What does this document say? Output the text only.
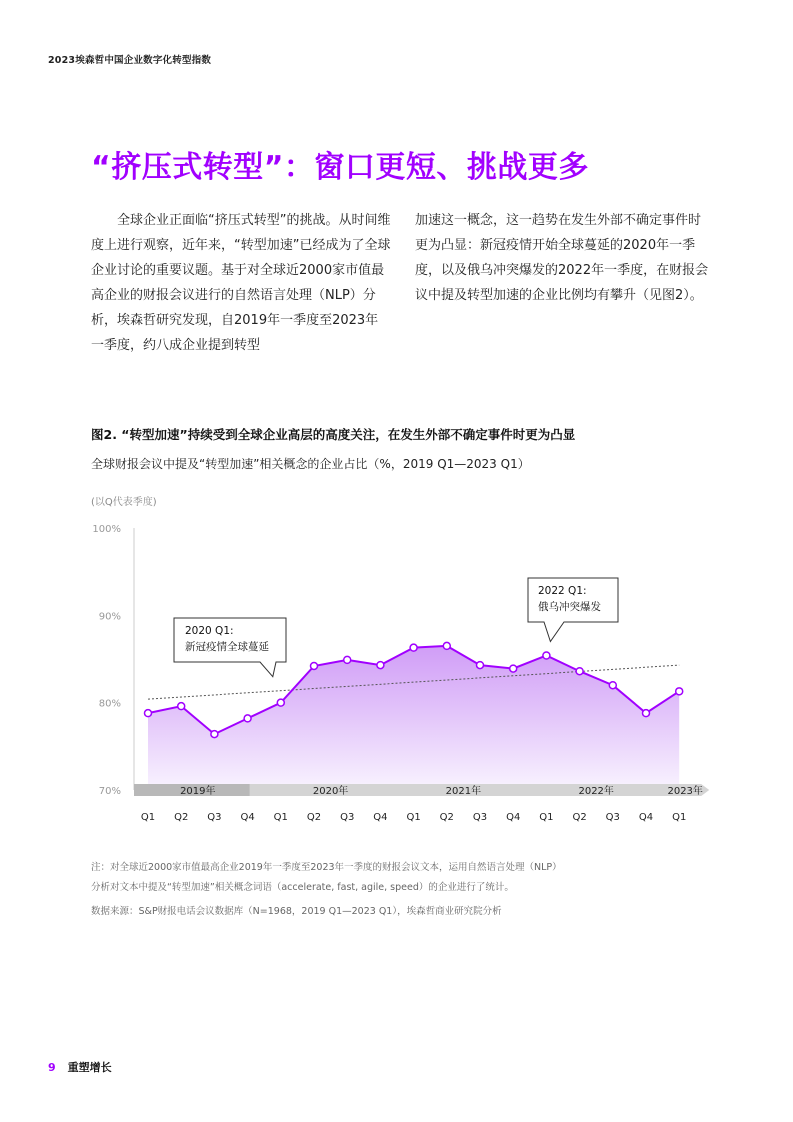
2023埃森哲中国企业数字化转型指数
“挤压式转型”：窗口更短、挑战更多

全球企业正面临“挤压式转型”的挑战。从时间维度上进行观察，近年来，“转型加速”已经成为了全球企业讨论的重要议题。基于对全球近2000家市值最高企业的财报会议进行的自然语言处理（NLP）分析，埃森哲研究发现，自2019年一季度至2023年一季度，约八成企业提到转型

加速这一概念，这一趋势在发生外部不确定事件时更为凸显：新冠疫情开始全球蔓延的2020年一季度，以及俄乌冲突爆发的2022年一季度，在财报会议中提及转型加速的企业比例均有攀升（见图2）。

图2. “转型加速”持续受到全球企业高层的高度关注，在发生外部不确定事件时更为凸显
全球财报会议中提及“转型加速”相关概念的企业占比（%，2019 Q1—2023 Q1）
(以Q代表季度)
70%
80%
90%
100%
2019年	2020年	2021年	2022年	2023年
Q1 Q2 Q3 Q4 Q1 Q2 Q3 Q4 Q1 Q2 Q3 Q4 Q1 Q2 Q3 Q4 Q1
2020 Q1:
新冠疫情全球蔓延
2022 Q1:
俄乌冲突爆发
注：对全球近2000家市值最高企业2019年一季度至2023年一季度的财报会议文本，运用自然语言处理（NLP）
分析对文本中提及“转型加速”相关概念词语（accelerate, fast, agile, speed）的企业进行了统计。
数据来源：S&P财报电话会议数据库（N=1968，2019 Q1—2023 Q1），埃森哲商业研究院分析
9 重塑增长
